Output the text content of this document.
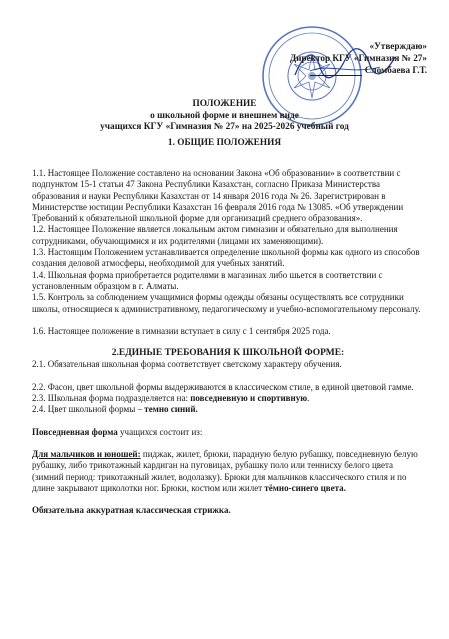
«Утверждаю»
Директор КГУ «Гимназия № 27»
Сломбаева Г.Т.
ПОЛОЖЕНИЕ
о школьной форме и внешнем виде
учащихся КГУ «Гимназия № 27» на 2025-2026 учебный год
1. ОБЩИЕ ПОЛОЖЕНИЯ

1.1. Настоящее Положение составлено на основании Закона «Об образовании» в соответствии с подпунктом 15-1 статьи 47 Закона Республики Казахстан, согласно Приказа Министерства образования и науки Республики Казахстан от 14 января 2016 года № 26. Зарегистрирован в Министерстве юстиции Республики Казахстан 16 февраля 2016 года № 13085. «Об утверждении Требований к обязательной школьной форме для организаций среднего образования».

1.2. Настоящее Положение является локальным актом гимназии и обязательно для выполнения сотрудниками, обучающимися и их родителями (лицами их заменяющими).

1.3. Настоящим Положением устанавливается определение школьной формы как одного из способов создания деловой атмосферы, необходимой для учебных занятий.

1.4. Школьная форма приобретается родителями в магазинах либо шьется в соответствии с установленным образцом в г. Алматы.

1.5. Контроль за соблюдением учащимися формы одежды обязаны осуществлять все сотрудники школы, относящиеся к административному, педагогическому и учебно-вспомогательному персоналу.

1.6. Настоящее положение в гимназии вступает в силу с 1 сентября 2025 года.

2.ЕДИНЫЕ ТРЕБОВАНИЯ К ШКОЛЬНОЙ ФОРМЕ:

2.1. Обязательная школьная форма соответствует светскому характеру обучения.

2.2. Фасон, цвет школьной формы выдерживаются в классическом стиле, в единой цветовой гамме.

2.3. Школьная форма подразделяется на: повседневную и спортивную.

2.4. Цвет школьной формы – темно синий.

Повседневная форма учащихся состоит из:

Для мальчиков и юношей: пиджак, жилет, брюки, парадную белую рубашку, повседневную белую рубашку, либо трикотажный кардиган на пуговицах, рубашку поло или теннисху белого цвета (зимний период: трикотажный жилет, водолазку). Брюки для мальчиков классического стиля и по длине закрывают щиколотки ног. Брюки, костюм или жилет тёмно-синего цвета.

Обязательна аккуратная классическая стрижка.
